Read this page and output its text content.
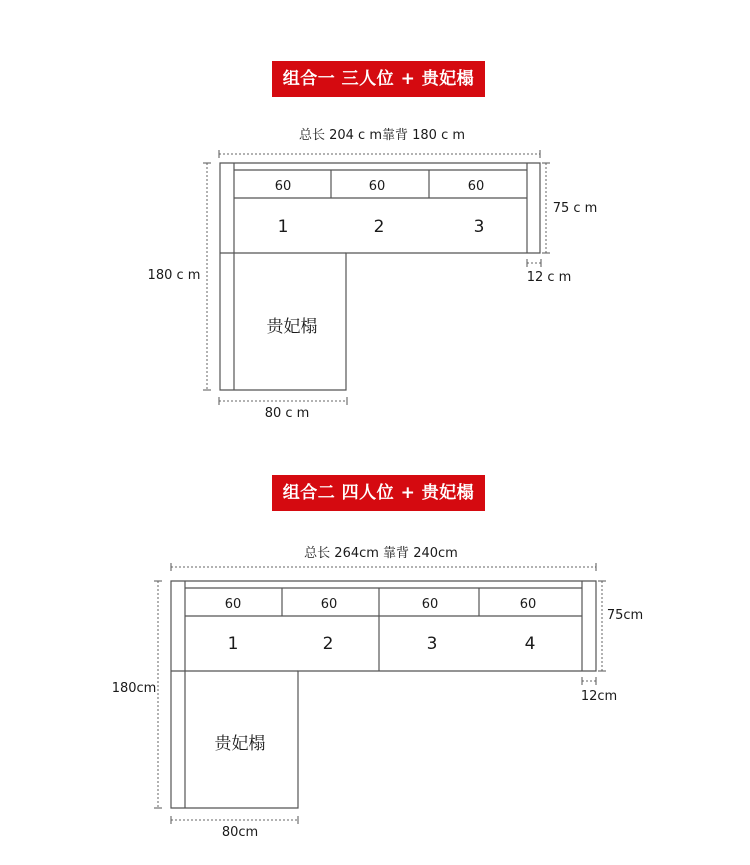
组合一 三人位 + 贵妃榻
组合二 四人位 + 贵妃榻
总长 204 c m靠背 180 c m
180 c m
75 c m
12 c m
80 c m
60	60	60
1	2	3
贵妃榻
总长 264cm 靠背 240cm
180cm
75cm
12cm
80cm
60	60	60	60
1	2	3	4
贵妃榻
